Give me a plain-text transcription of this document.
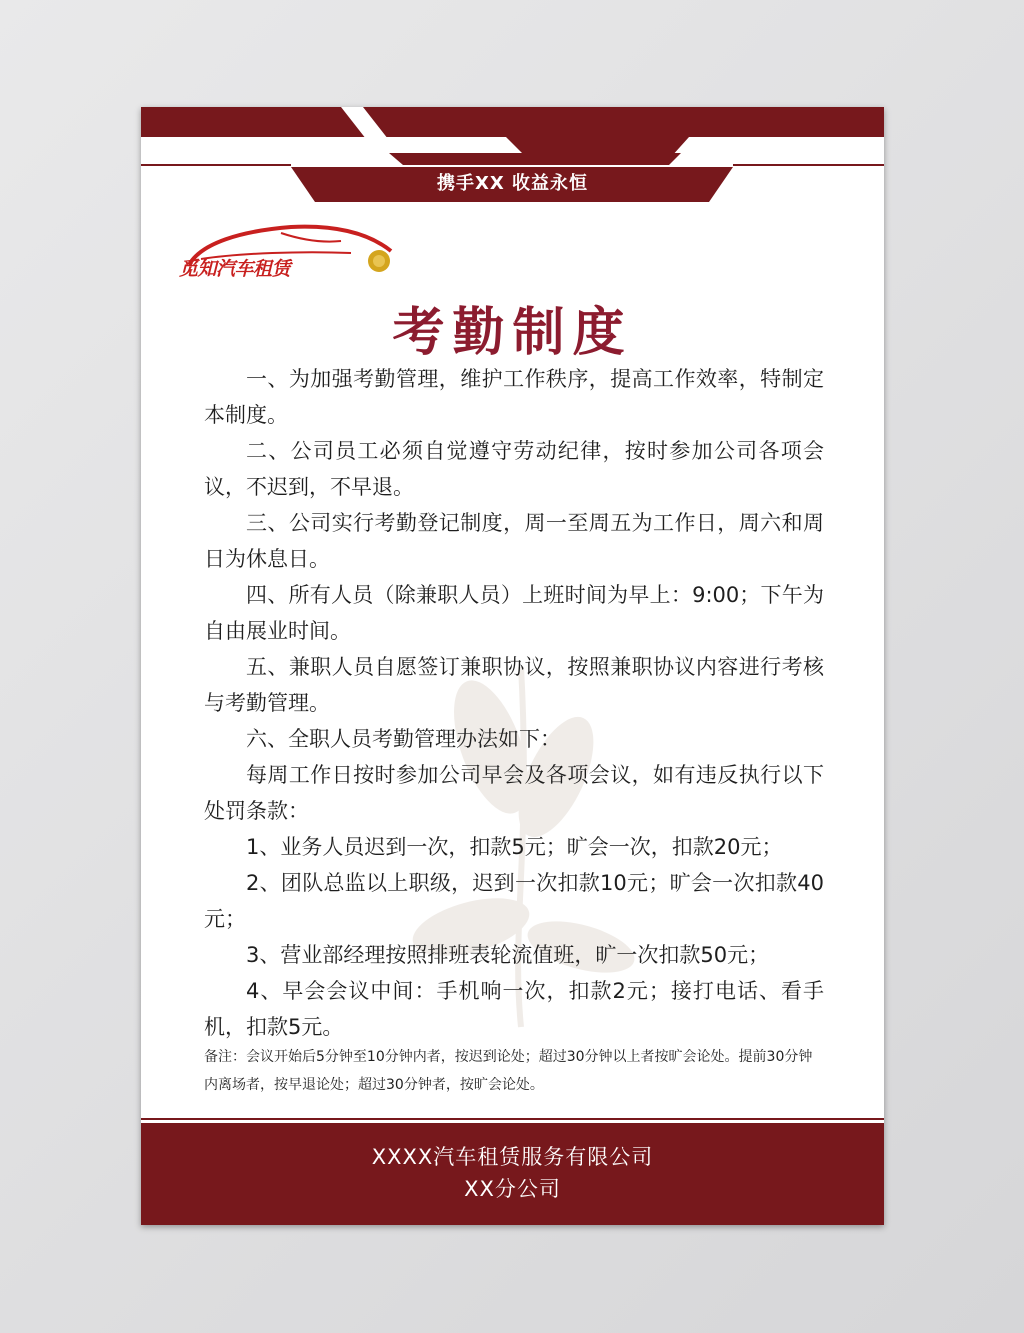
携手XX 收益永恒
觅知汽车租赁
考勤制度

一、为加强考勤管理，维护工作秩序，提高工作效率，特制定本制度。

二、公司员工必须自觉遵守劳动纪律，按时参加公司各项会议，不迟到，不早退。

三、公司实行考勤登记制度，周一至周五为工作日，周六和周日为休息日。

四、所有人员（除兼职人员）上班时间为早上：9:00；下午为自由展业时间。

五、兼职人员自愿签订兼职协议，按照兼职协议内容进行考核与考勤管理。

六、全职人员考勤管理办法如下：

每周工作日按时参加公司早会及各项会议，如有违反执行以下处罚条款：

1、业务人员迟到一次，扣款5元；旷会一次，扣款20元；

2、团队总监以上职级，迟到一次扣款10元；旷会一次扣款40元；

3、营业部经理按照排班表轮流值班，旷一次扣款50元；

4、早会会议中间：手机响一次，扣款2元；接打电话、看手机，扣款5元。

备注：会议开始后5分钟至10分钟内者，按迟到论处；超过30分钟以上者按旷会论处。提前30分钟内离场者，按早退论处；超过30分钟者，按旷会论处。
XXXX汽车租赁服务有限公司
XX分公司
